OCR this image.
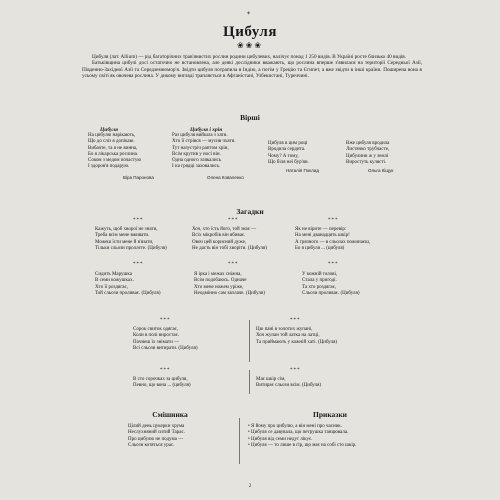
✦
Цибуля
❀❀❀

Цибуля (лат. Allium) — рід багаторічних трав'янистих рослин родини цибулевих, налічує понад 1 250 видів. В Україні росте близько 40 видів.

Батьківщина цибулі досі остаточно не встановлена, але деякі дослідники вважають, що рослина вперше з'явилася на території Середньої Азії, Південно-Західної Азії та Середземномор'я. Звідти цибуля потрапила в Індію, а потім у Грецію та Єгипет, а вже звідти в інші країни. Поширена вона в усьому світі як овочева рослина. У дикому вигляді трапляється в Афганістані, Узбекистані, Туреччині.

Вірші
Цибуля
На цибулю нарікають,
Що до сліз я допікаю.
Вибачте, та я не винна,
Бо я лікарська рослина.
Соком з медом почастую
І здоров'я подарую.
Віра Паронова
Цибуля і хрін
Раз цибуля вийшла з хати.
Хто її стрівся — мусив чхати.
Тут назустріч раптом хрін,
Всім крутив у носі він.
Одна одного злякались
І на грядці заховались.
Олена Коваленко
Цибуля в цим році
Вродила сердита.
Чому? А тому,
Що біля неї бур'ян.
Наталія Поклад
Вже цибуля вродила
Листячко трубчасте,
Цибулини ж у землі
Виростуть кулясті.
Ольга Кіщук
Загадки
***	***	***
Кажуть, щоб хворої не знати,
Треба всім мене вживати.
Можеш їсти мене й в'язати,
Тільки сльози проллєте. (Цибуля)
Хоч, хто їсть його, той знає —
Всіх мікробів він вбиває.
Овоч цей корисний дуже,
Не дасть він тобі хворіти. (Цибуля)
Як не вірите — перевір:
На мені дванадцять шкір!
А грязного — в сльозах пожинаєш,
Бо я цибуля ... (цибуля)
***	***	***
Сидить Марушка
В семи кожушках.
Хто її роздягає,
Той сльози проливає. (Цибуля)
Я ірка і межах сніжна,
Всім подобаюсь. Одначе
Хто мене ножем уріже,
Неодмінно сам заплаче. (Цибуля)
У кожній голові,
Стала у пригоді.
Та хто роздягає,
Сльози проливає. (Цибуля)
***	***
Сорок свиток одягає,
Коли в полі виростає.
Почнеш їх знімати —
Всі сльози витирати. (Цибуля)
Цю пані в золотих жупані,
Хоч жупан той латка на латці,
Та приймають у кожній хаті. (Цибуля)
***	***
В сто сорочках за цибуля,
Певно, що вона ... (цибуля)
Має шкір сім,
Витирає сльози всім. (Цибуля)
Смішинка	Приказки
Цілий день цукерки хрума
Неслухняний ситий Тарас.
Про цибулю не подума —
Сльози котяться урас.
• Я йому про цибулю, а він мені про часник.
• Цибуля се давувала, що петрушка танцювала.
• Цибуля від семи недуг лікує.
• Цибуля — то лише в гір, що має на собі сто шкір.
2
